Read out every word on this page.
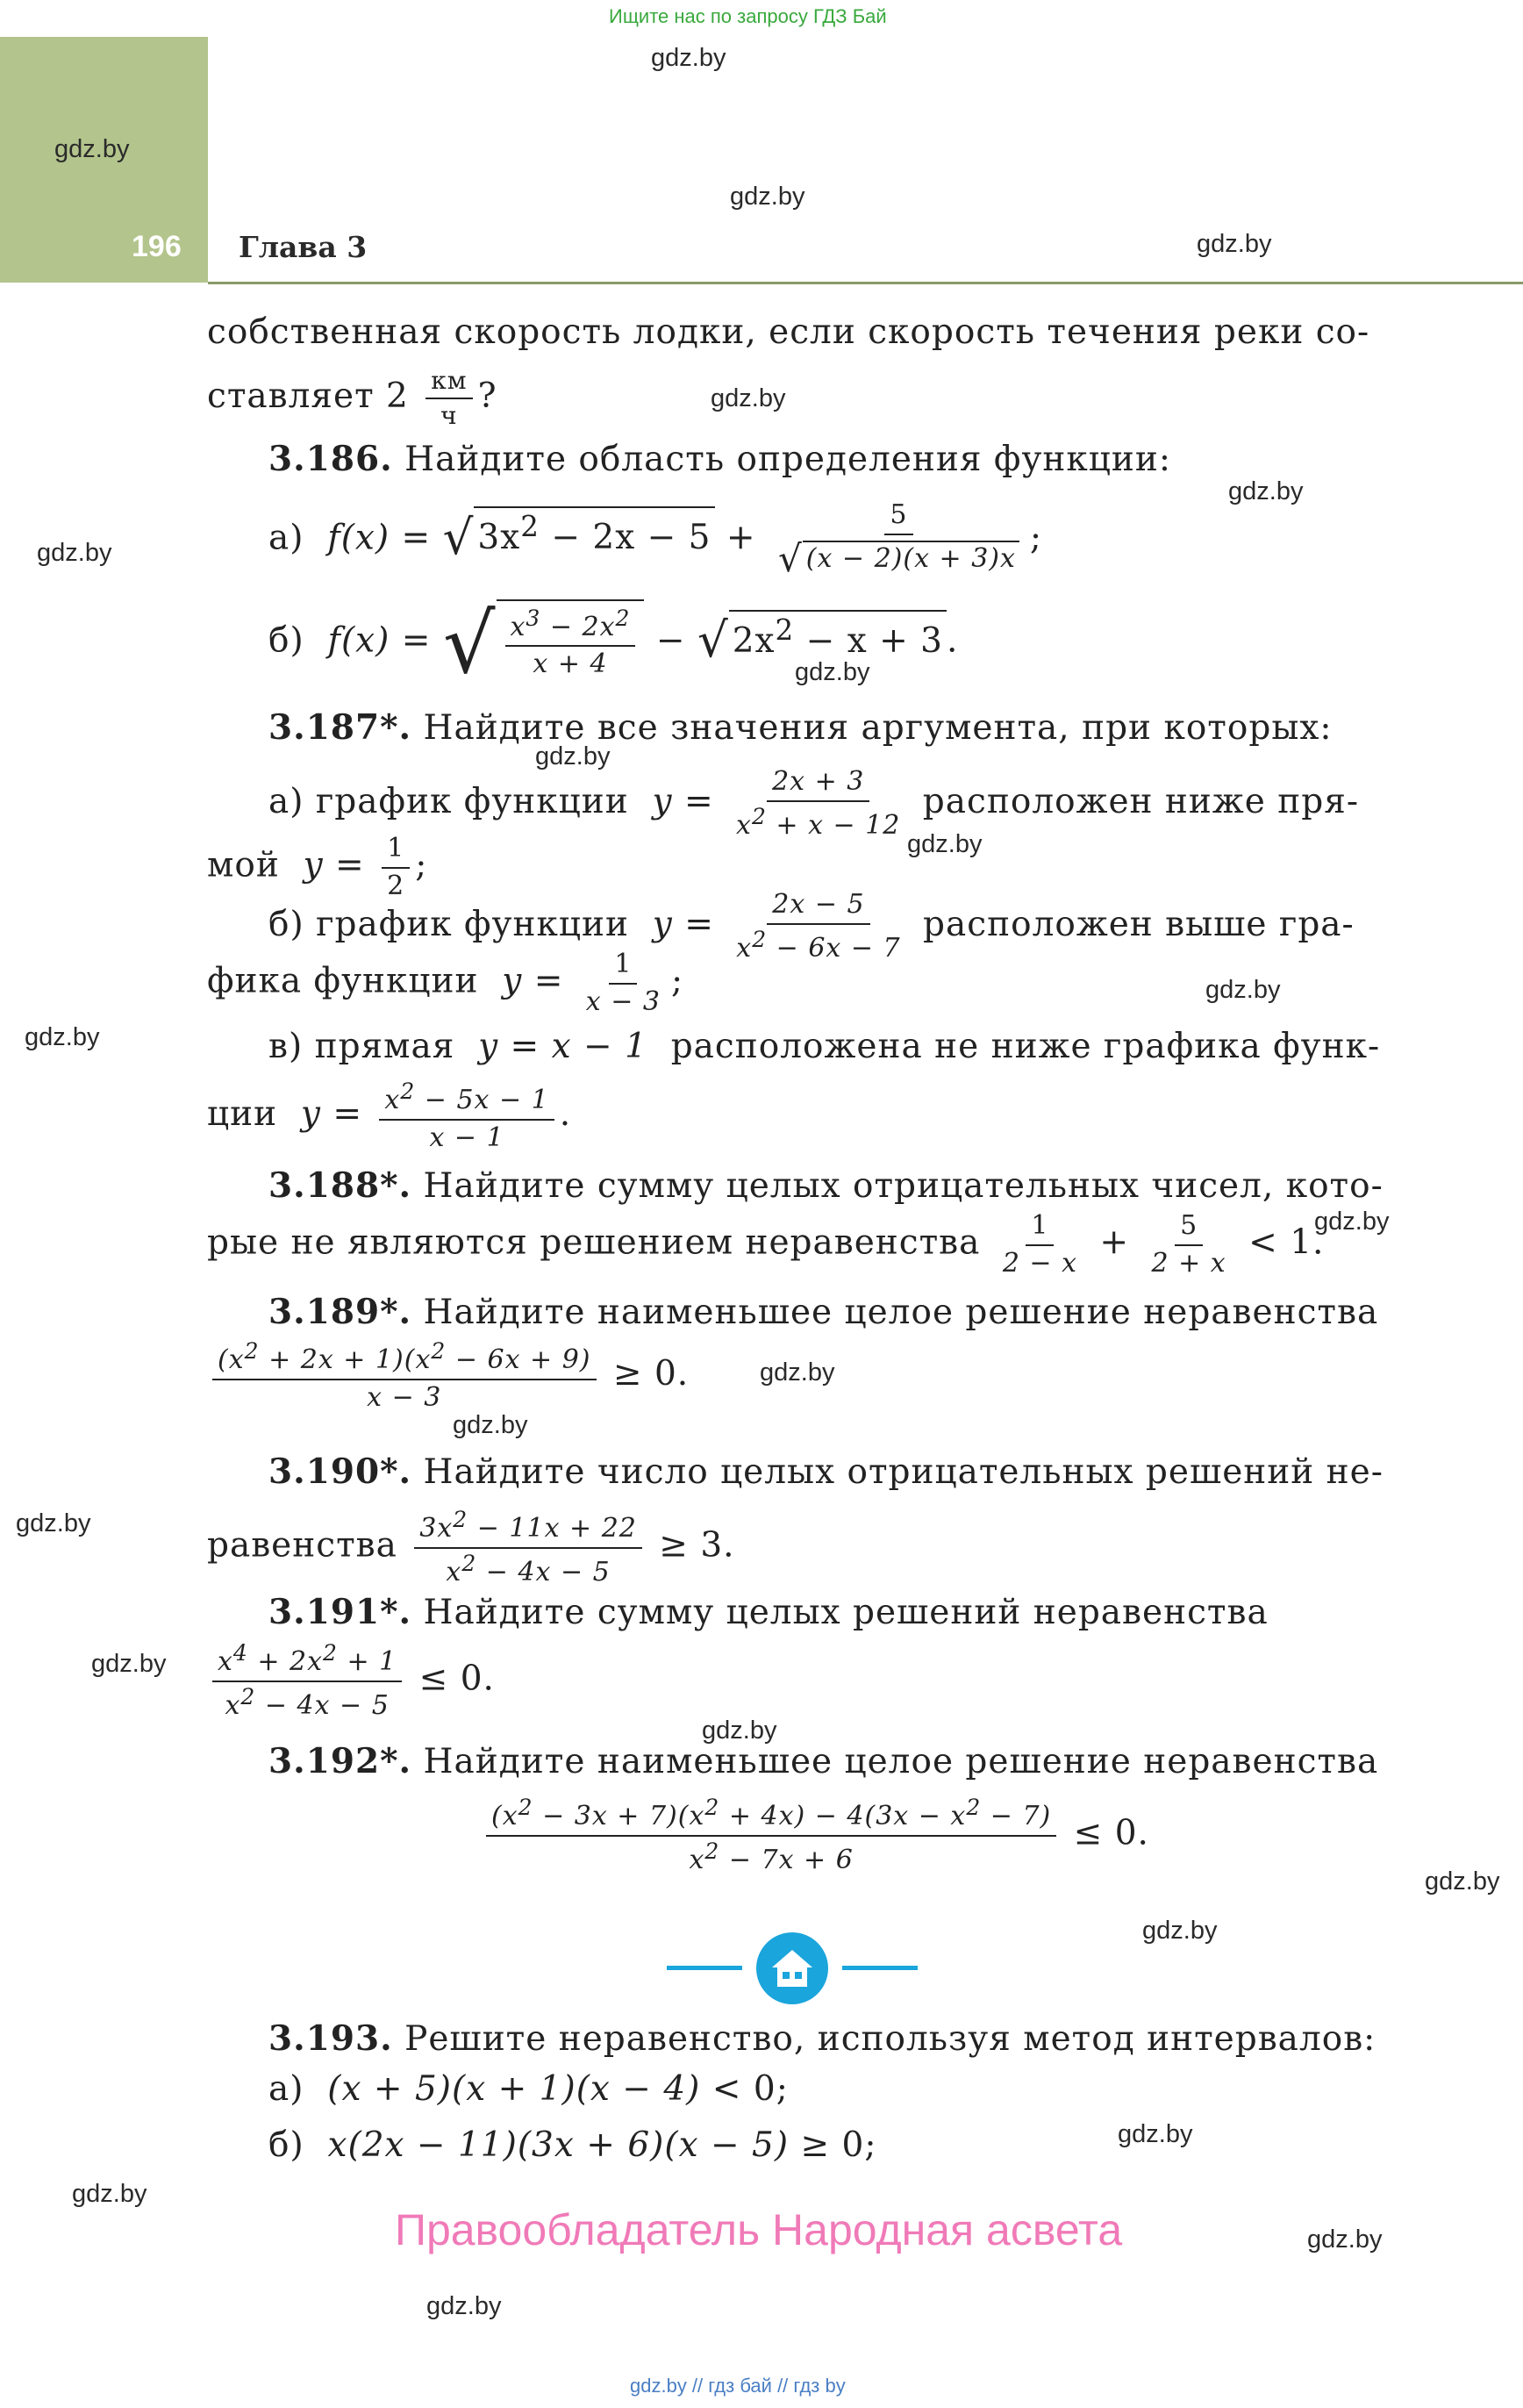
Ищите нас по запросу ГДЗ Бай
196 Глава 3
gdz.by
gdz.by
gdz.by
gdz.by
gdz.by
gdz.by
gdz.by
gdz.by
gdz.by
gdz.by
gdz.by
gdz.by
gdz.by
gdz.by
gdz.by
gdz.by
gdz.by
gdz.by
gdz.by
gdz.by
gdz.by
gdz.by
gdz.by
gdz.by
собственная скорость лодки, если скорость течения реки со-
ставляет $2 \frac{км}{ч}$ ?
3.186. Найдите область определения функции:
а)  f(x) = √ $3x^2 - 2x - 5 + \frac{5}{√ (x - 2)(x + 3)x}$ ;
б)  f(x) = √ $\frac{x^3 - 2x^2}{x + 4}$ − √ $2x^2 - x + 3$ .
3.187*. Найдите все значения аргумента, при которых:
а) график функции  $y = \frac{2x + 3}{x^2 + x - 12}$ расположен ниже пря-
мой  $y = \frac{1}{2}$ ;
б) график функции  $y = \frac{2x - 5}{x^2 - 6x - 7}$ расположен выше гра-
фика функции  $y = \frac{1}{x - 3}$ ;
в) прямая  y = x − 1  расположена не ниже графика функ-
ции  $y = \frac{x^2 - 5x - 1}{x - 1}$ .
3.188*. Найдите сумму целых отрицательных чисел, кото-
рые не являются решением неравенства $\frac{1}{2 - x} + \frac{5}{2 + x} < 1$.
3.189*. Найдите наименьшее целое решение неравенства
$\frac{(x^2 + 2x + 1)(x^2 - 6x + 9)}{x - 3} \ge 0$.
3.190*. Найдите число целых отрицательных решений не-
равенства $\frac{3x^2 - 11x + 22}{x^2 - 4x - 5} \ge 3$.
3.191*. Найдите сумму целых решений неравенства
$\frac{x^4 + 2x^2 + 1}{x^2 - 4x - 5} \le 0$.
3.192*. Найдите наименьшее целое решение неравенства
$\frac{(x^2 - 3x + 7)(x^2 + 4x) - 4(3x - x^2 - 7)}{x^2 - 7x + 6} \le 0$.
3.193. Решите неравенство, используя метод интервалов:
а)  (x + 5)(x + 1)(x − 4) < 0;
б)  x(2x − 11)(3x + 6)(x − 5) ≥ 0;
Правообладатель Народная асвета
gdz.by // гдз бай // гдз by
